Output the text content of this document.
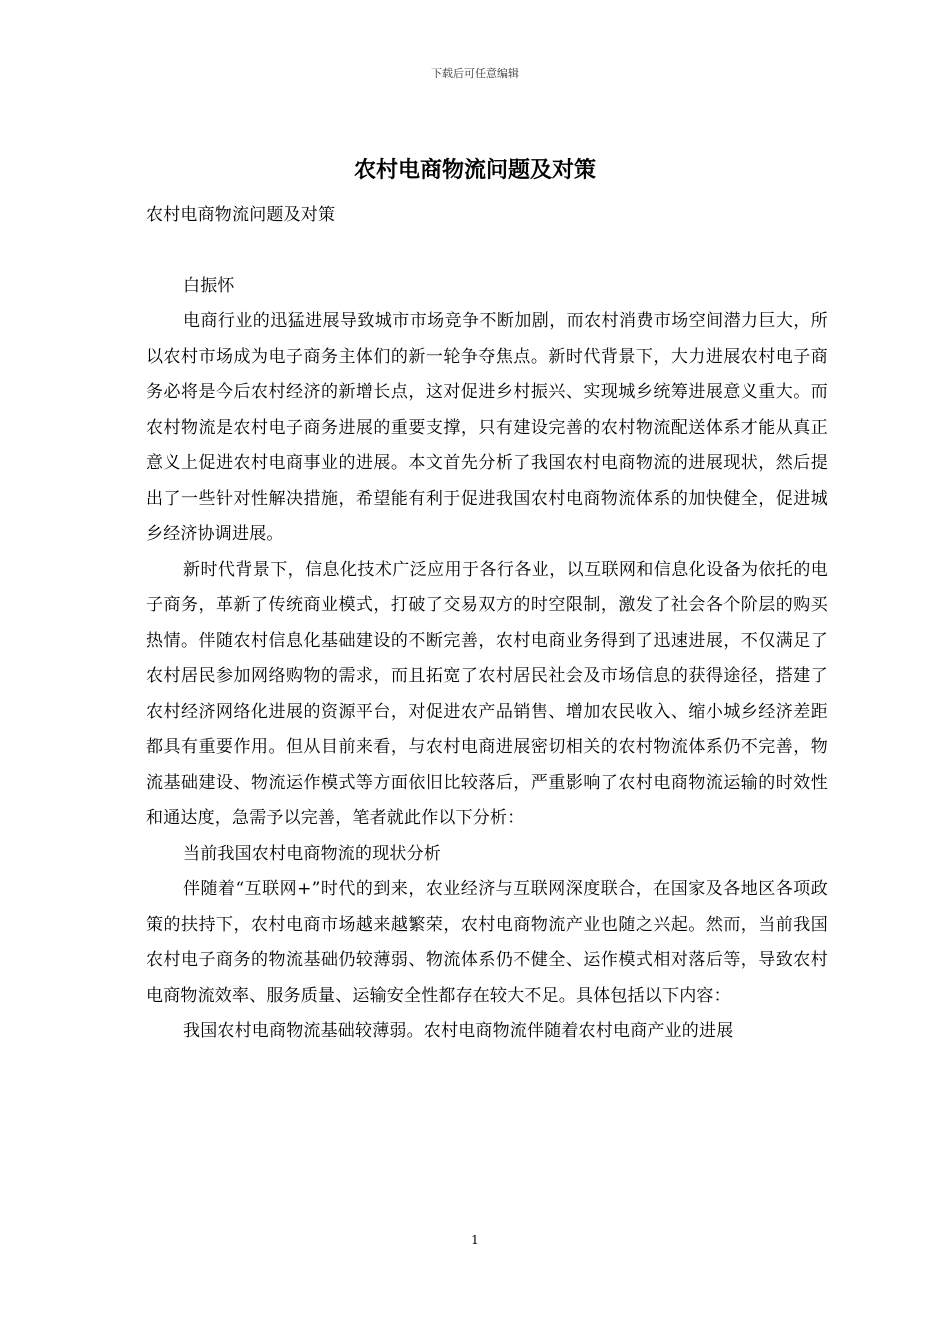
下载后可任意编辑
农村电商物流问题及对策

农村电商物流问题及对策

白振怀

电商行业的迅猛进展导致城市市场竞争不断加剧，而农村消费市场空间潜力巨大，所以农村市场成为电子商务主体们的新一轮争夺焦点。新时代背景下，大力进展农村电子商务必将是今后农村经济的新增长点，这对促进乡村振兴、实现城乡统筹进展意义重大。而农村物流是农村电子商务进展的重要支撑，只有建设完善的农村物流配送体系才能从真正意义上促进农村电商事业的进展。本文首先分析了我国农村电商物流的进展现状，然后提出了一些针对性解决措施，希望能有利于促进我国农村电商物流体系的加快健全，促进城乡经济协调进展。

新时代背景下，信息化技术广泛应用于各行各业，以互联网和信息化设备为依托的电子商务，革新了传统商业模式，打破了交易双方的时空限制，激发了社会各个阶层的购买热情。伴随农村信息化基础建设的不断完善，农村电商业务得到了迅速进展，不仅满足了农村居民参加网络购物的需求，而且拓宽了农村居民社会及市场信息的获得途径，搭建了农村经济网络化进展的资源平台，对促进农产品销售、增加农民收入、缩小城乡经济差距都具有重要作用。但从目前来看，与农村电商进展密切相关的农村物流体系仍不完善，物流基础建设、物流运作模式等方面依旧比较落后，严重影响了农村电商物流运输的时效性和通达度，急需予以完善，笔者就此作以下分析：

当前我国农村电商物流的现状分析

伴随着“互联网+”时代的到来，农业经济与互联网深度联合，在国家及各地区各项政策的扶持下，农村电商市场越来越繁荣，农村电商物流产业也随之兴起。然而，当前我国农村电子商务的物流基础仍较薄弱、物流体系仍不健全、运作模式相对落后等，导致农村电商物流效率、服务质量、运输安全性都存在较大不足。具体包括以下内容：

我国农村电商物流基础较薄弱。农村电商物流伴随着农村电商产业的进展

1
